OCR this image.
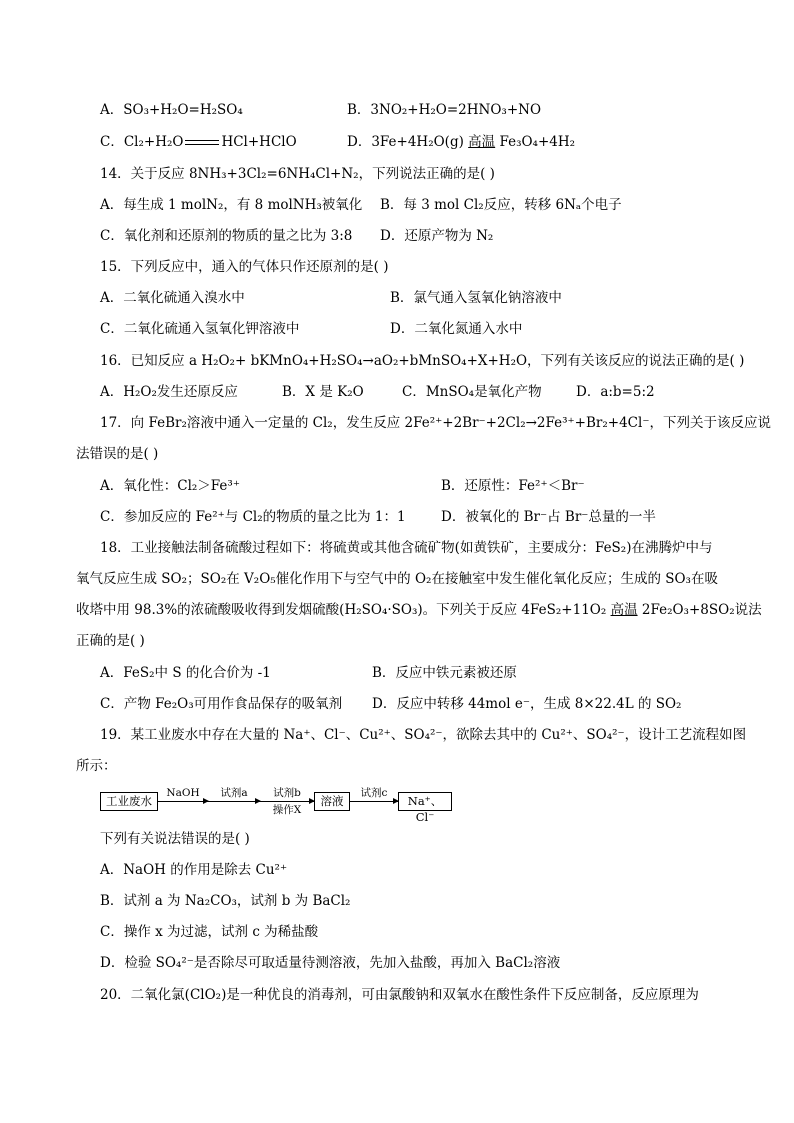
A．SO₃+H₂O=H₂SO₄	B．3NO₂+H₂O=2HNO₃+NO
C．Cl₂+H₂O	HCl+HClO	D．3Fe+4H₂O(g) 高温 Fe₃O₄+4H₂
14．关于反应 8NH₃+3Cl₂=6NH₄Cl+N₂，下列说法正确的是( )
A．每生成 1 molN₂，有 8 molNH₃被氧化 B．每 3 mol Cl₂反应，转移 6Nₐ个电子
C．氧化剂和还原剂的物质的量之比为 3:8 D．还原产物为 N₂
15．下列反应中，通入的气体只作还原剂的是( )
A．二氧化硫通入溴水中	B．氯气通入氢氧化钠溶液中
C．二氧化硫通入氢氧化钾溶液中	D．二氧化氮通入水中
16．已知反应 a H₂O₂+ bKMnO₄+H₂SO₄→aO₂+bMnSO₄+X+H₂O，下列有关该反应的说法正确的是( )
A．H₂O₂发生还原反应	B．X 是 K₂O	C．MnSO₄是氧化产物	D．a:b=5:2
17．向 FeBr₂溶液中通入一定量的 Cl₂，发生反应 2Fe²⁺+2Br⁻+2Cl₂→2Fe³⁺+Br₂+4Cl⁻，下列关于该反应说
法错误的是( )
A．氧化性：Cl₂＞Fe³⁺	B．还原性：Fe²⁺＜Br⁻
C．参加反应的 Fe²⁺与 Cl₂的物质的量之比为 1：1	D．被氧化的 Br⁻占 Br⁻总量的一半
18．工业接触法制备硫酸过程如下：将硫黄或其他含硫矿物(如黄铁矿，主要成分：FeS₂)在沸腾炉中与
氧气反应生成 SO₂；SO₂在 V₂O₅催化作用下与空气中的 O₂在接触室中发生催化氧化反应；生成的 SO₃在吸
收塔中用 98.3%的浓硫酸吸收得到发烟硫酸(H₂SO₄·SO₃)。下列关于反应 4FeS₂+11O₂ 高温 2Fe₂O₃+8SO₂说法
正确的是( )
A．FeS₂中 S 的化合价为 -1	B．反应中铁元素被还原
C．产物 Fe₂O₃可用作食品保存的吸氧剂 D．反应中转移 44mol e⁻，生成 8×22.4L 的 SO₂
19．某工业废水中存在大量的 Na⁺、Cl⁻、Cu²⁺、SO₄²⁻，欲除去其中的 Cu²⁺、SO₄²⁻，设计工艺流程如图
所示：
工业废水
NaOH	试剂a	试剂b
操作X
溶液
试剂c
Na⁺、Cl⁻
下列有关说法错误的是( )
A．NaOH 的作用是除去 Cu²⁺
B．试剂 a 为 Na₂CO₃，试剂 b 为 BaCl₂
C．操作 x 为过滤，试剂 c 为稀盐酸
D．检验 SO₄²⁻是否除尽可取适量待测溶液，先加入盐酸，再加入 BaCl₂溶液
20．二氧化氯(ClO₂)是一种优良的消毒剂，可由氯酸钠和双氧水在酸性条件下反应制备，反应原理为
